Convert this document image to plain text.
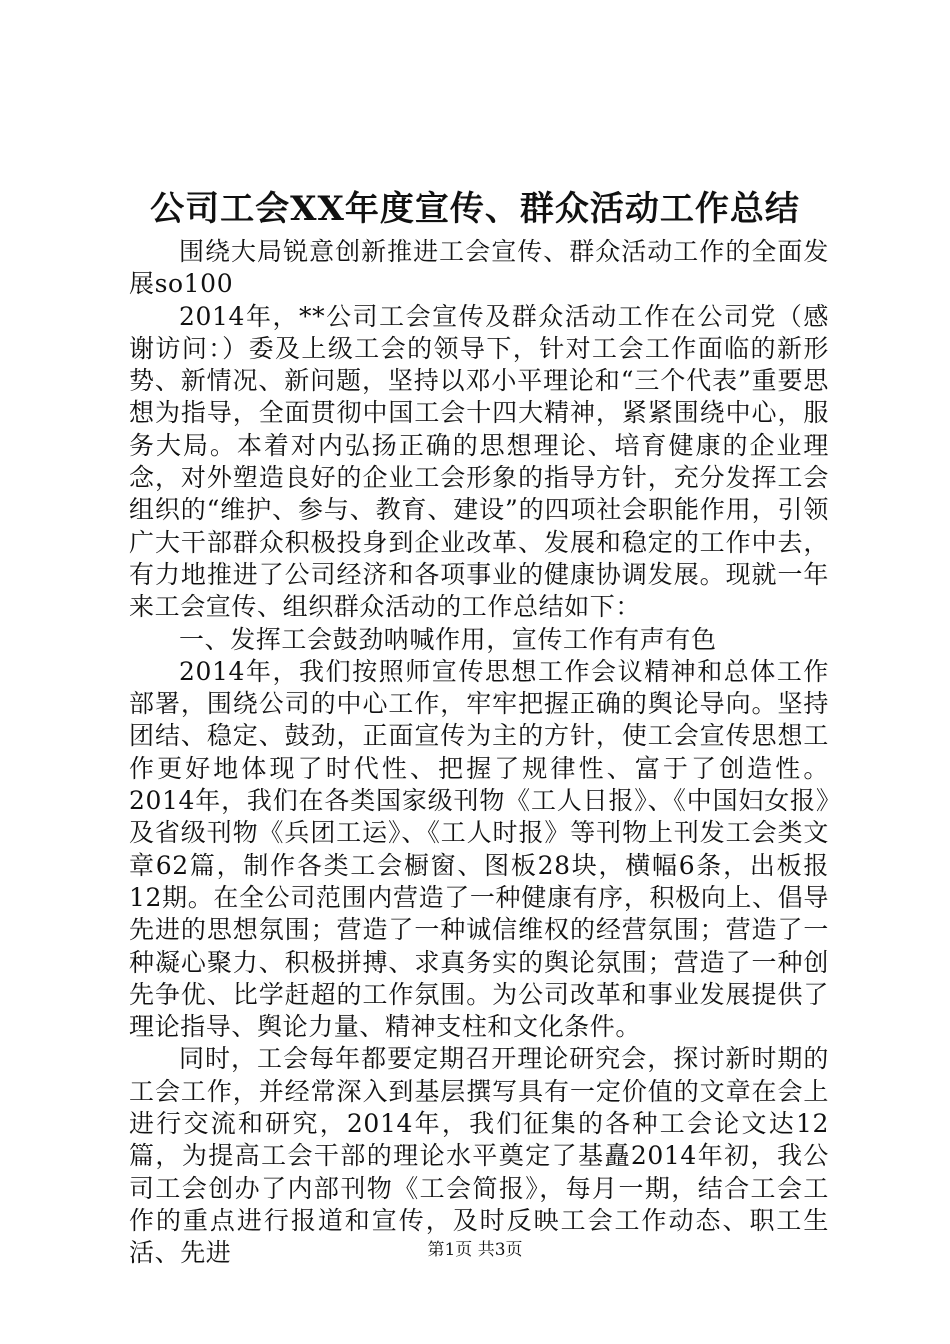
公司工会XX年度宣传、群众活动工作总结

围绕大局锐意创新推进工会宣传、群众活动工作的全面发展so100

2014年，**公司工会宣传及群众活动工作在公司党（感谢访问：）委及上级工会的领导下，针对工会工作面临的新形势、新情况、新问题，坚持以邓小平理论和“三个代表”重要思想为指导，全面贯彻中国工会十四大精神，紧紧围绕中心，服务大局。本着对内弘扬正确的思想理论、培育健康的企业理念，对外塑造良好的企业工会形象的指导方针，充分发挥工会组织的“维护、参与、教育、建设”的四项社会职能作用，引领广大干部群众积极投身到企业改革、发展和稳定的工作中去，有力地推进了公司经济和各项事业的健康协调发展。现就一年来工会宣传、组织群众活动的工作总结如下：

一、发挥工会鼓劲呐喊作用，宣传工作有声有色

2014年，我们按照师宣传思想工作会议精神和总体工作部署，围绕公司的中心工作，牢牢把握正确的舆论导向。坚持团结、稳定、鼓劲，正面宣传为主的方针，使工会宣传思想工作更好地体现了时代性、把握了规律性、富于了创造性。2014年，我们在各类国家级刊物《工人日报》、《中国妇女报》及省级刊物《兵团工运》、《工人时报》等刊物上刊发工会类文章62篇，制作各类工会橱窗、图板28块，横幅6条，出板报12期。在全公司范围内营造了一种健康有序，积极向上、倡导先进的思想氛围；营造了一种诚信维权的经营氛围；营造了一种凝心聚力、积极拼搏、求真务实的舆论氛围；营造了一种创先争优、比学赶超的工作氛围。为公司改革和事业发展提供了理论指导、舆论力量、精神支柱和文化条件。

同时，工会每年都要定期召开理论研究会，探讨新时期的工会工作，并经常深入到基层撰写具有一定价值的文章在会上进行交流和研究，2014年，我们征集的各种工会论文达12篇，为提高工会干部的理论水平奠定了基矗2014年初，我公司工会创办了内部刊物《工会简报》，每月一期，结合工会工作的重点进行报道和宣传，及时反映工会工作动态、职工生活、先进	第1页 共3页
